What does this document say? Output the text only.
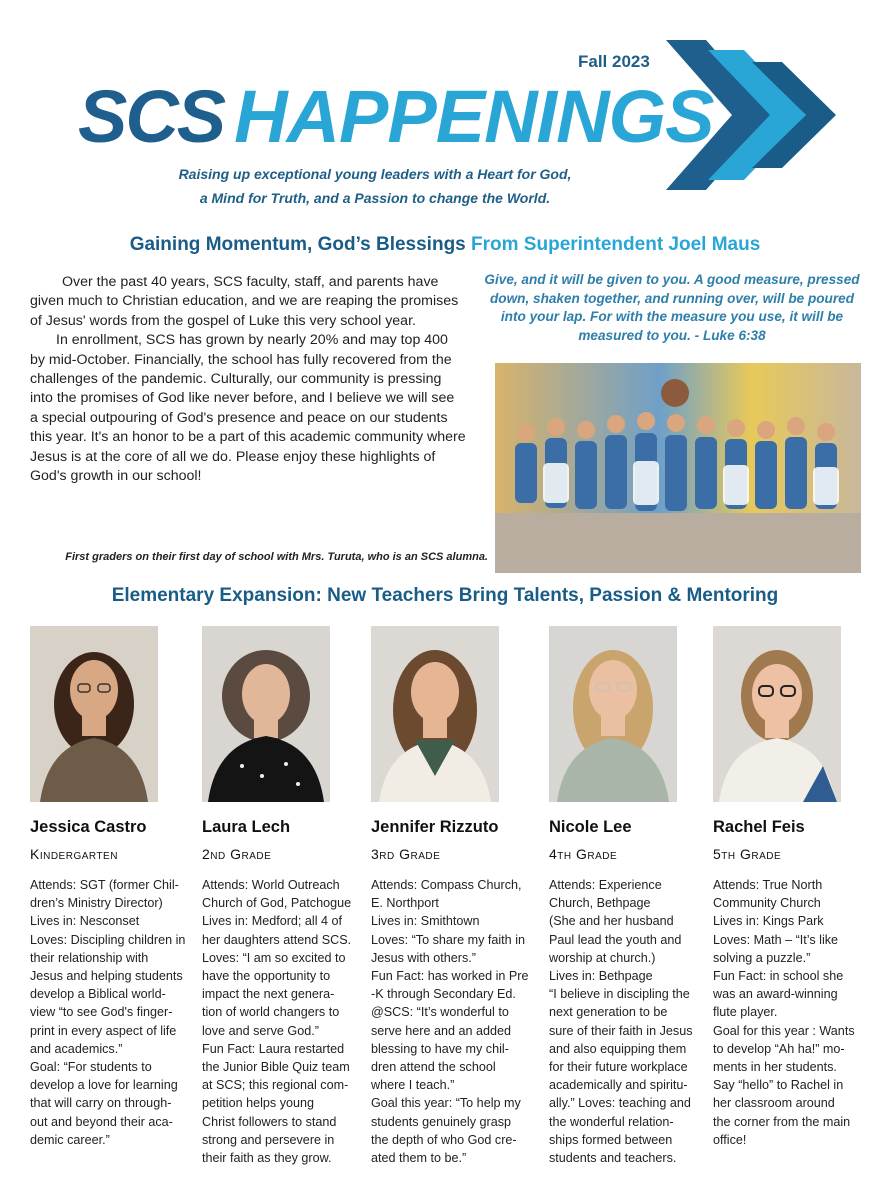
Fall 2023
SCS HAPPENINGS
Raising up exceptional young leaders with a Heart for God,
a Mind for Truth, and a Passion to change the World.
Gaining Momentum, God’s Blessings From Superintendent Joel Maus

Over the past 40 years, SCS faculty, staff, and parents have given much to Christian education, and we are reaping the promises of Jesus' words from the gospel of Luke this very school year.

In enrollment, SCS has grown by nearly 20% and may top 400 by mid-October. Financially, the school has fully recovered from the challenges of the pandemic. Culturally, our community is pressing into the promises of God like never before, and I believe we will see a special outpouring of God's presence and peace on our students this year. It's an honor to be a part of this academic community where Jesus is at the core of all we do. Please enjoy these highlights of God's growth in our school!

Give, and it will be given to you. A good measure, pressed down, shaken together, and running over, will be poured into your lap. For with the measure you use, it will be measured to you. - Luke 6:38
First graders on their first day of school with Mrs. Turuta, who is an SCS alumna.
Elementary Expansion: New Teachers Bring Talents, Passion & Mentoring
Jessica Castro
Kindergarten
Attends: SGT (former Chil-
dren’s Ministry Director)
Lives in: Nesconset
Loves: Discipling children in
their relationship with
Jesus and helping students
develop a Biblical world-
view “to see God's finger-
print in every aspect of life
and academics.”
Goal: “For students to
develop a love for learning
that will carry on through-
out and beyond their aca-
demic career.”
Laura Lech
2nd Grade
Attends: World Outreach
Church of God, Patchogue
Lives in: Medford; all 4 of
her daughters attend SCS.
Loves: “I am so excited to
have the opportunity to
impact the next genera-
tion of world changers to
love and serve God.”
Fun Fact: Laura restarted
the Junior Bible Quiz team
at SCS; this regional com-
petition helps young
Christ followers to stand
strong and persevere in
their faith as they grow.
Jennifer Rizzuto
3rd Grade
Attends: Compass Church,
E. Northport
Lives in: Smithtown
Loves: “To share my faith in
Jesus with others.”
Fun Fact: has worked in Pre
-K through Secondary Ed.
@SCS: “It’s wonderful to
serve here and an added
blessing to have my chil-
dren attend the school
where I teach.”
Goal this year: “To help my
students genuinely grasp
the depth of who God cre-
ated them to be.”
Nicole Lee
4th Grade
Attends: Experience
Church, Bethpage
(She and her husband
Paul lead the youth and
worship at church.)
Lives in: Bethpage
“I believe in discipling the
next generation to be
sure of their faith in Jesus
and also equipping them
for their future workplace
academically and spiritu-
ally.” Loves: teaching and
the wonderful relation-
ships formed between
students and teachers.
Rachel Feis
5th Grade
Attends: True North
Community Church
Lives in: Kings Park
Loves: Math – “It’s like
solving a puzzle.”
Fun Fact: in school she
was an award-winning
flute player.
Goal for this year : Wants
to develop “Ah ha!” mo-
ments in her students.
Say “hello” to Rachel in
her classroom around
the corner from the main
office!
